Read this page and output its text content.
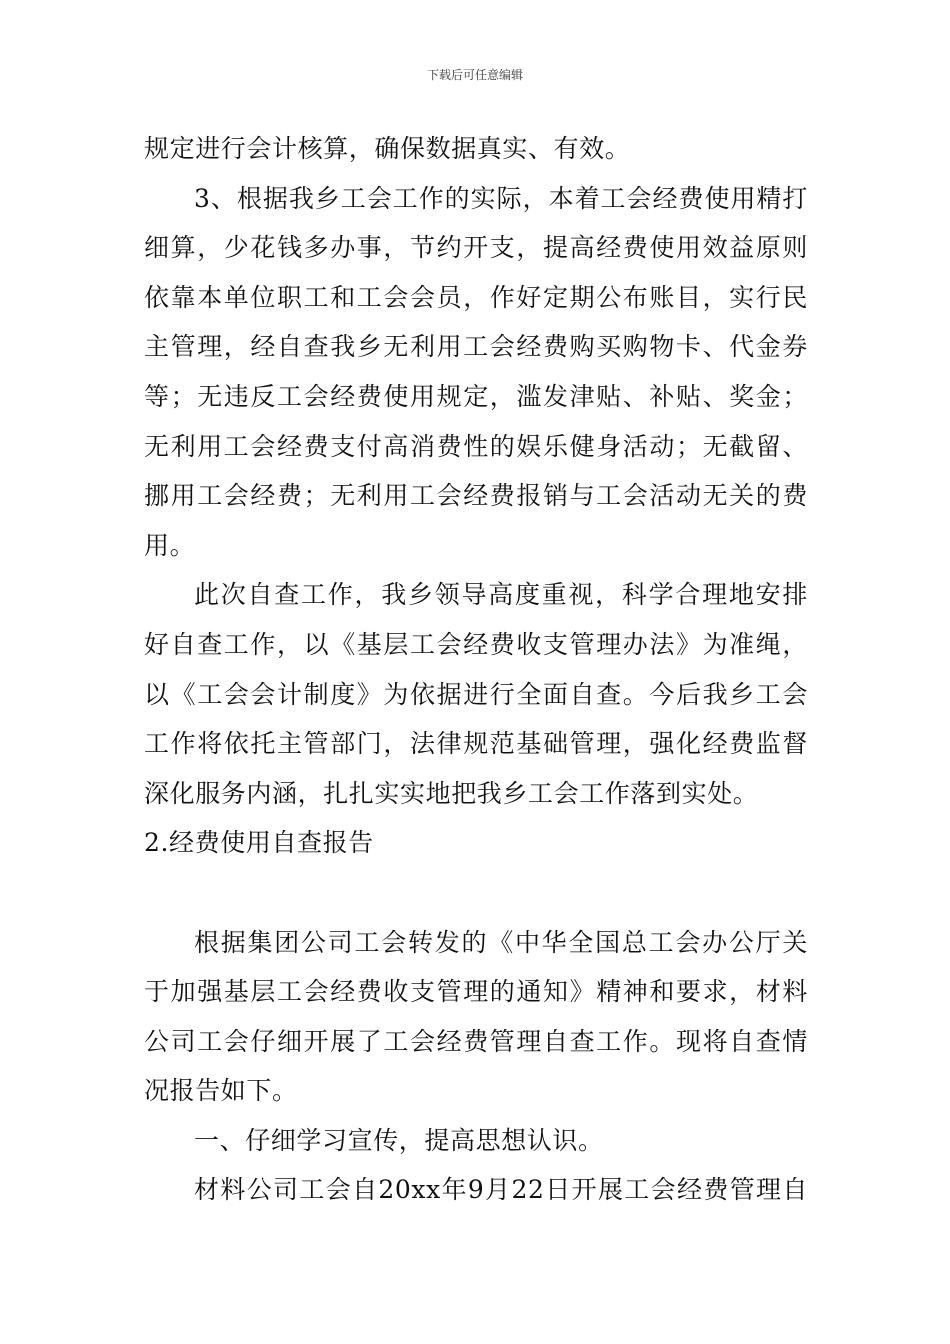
下载后可任意编辑
规定进行会计核算，确保数据真实、有效。
3、根据我乡工会工作的实际，本着工会经费使用精打
细算，少花钱多办事，节约开支，提高经费使用效益原则
依靠本单位职工和工会会员，作好定期公布账目，实行民
主管理，经自查我乡无利用工会经费购买购物卡、代金券
等；无违反工会经费使用规定，滥发津贴、补贴、奖金；
无利用工会经费支付高消费性的娱乐健身活动；无截留、
挪用工会经费；无利用工会经费报销与工会活动无关的费
用。
此次自查工作，我乡领导高度重视，科学合理地安排
好自查工作，以《基层工会经费收支管理办法》为准绳，
以《工会会计制度》为依据进行全面自查。今后我乡工会
工作将依托主管部门，法律规范基础管理，强化经费监督
深化服务内涵，扎扎实实地把我乡工会工作落到实处。
2.经费使用自查报告
根据集团公司工会转发的《中华全国总工会办公厅关
于加强基层工会经费收支管理的通知》精神和要求，材料
公司工会仔细开展了工会经费管理自查工作。现将自查情
况报告如下。
一、仔细学习宣传，提高思想认识。
材料公司工会自20xx年9月22日开展工会经费管理自
